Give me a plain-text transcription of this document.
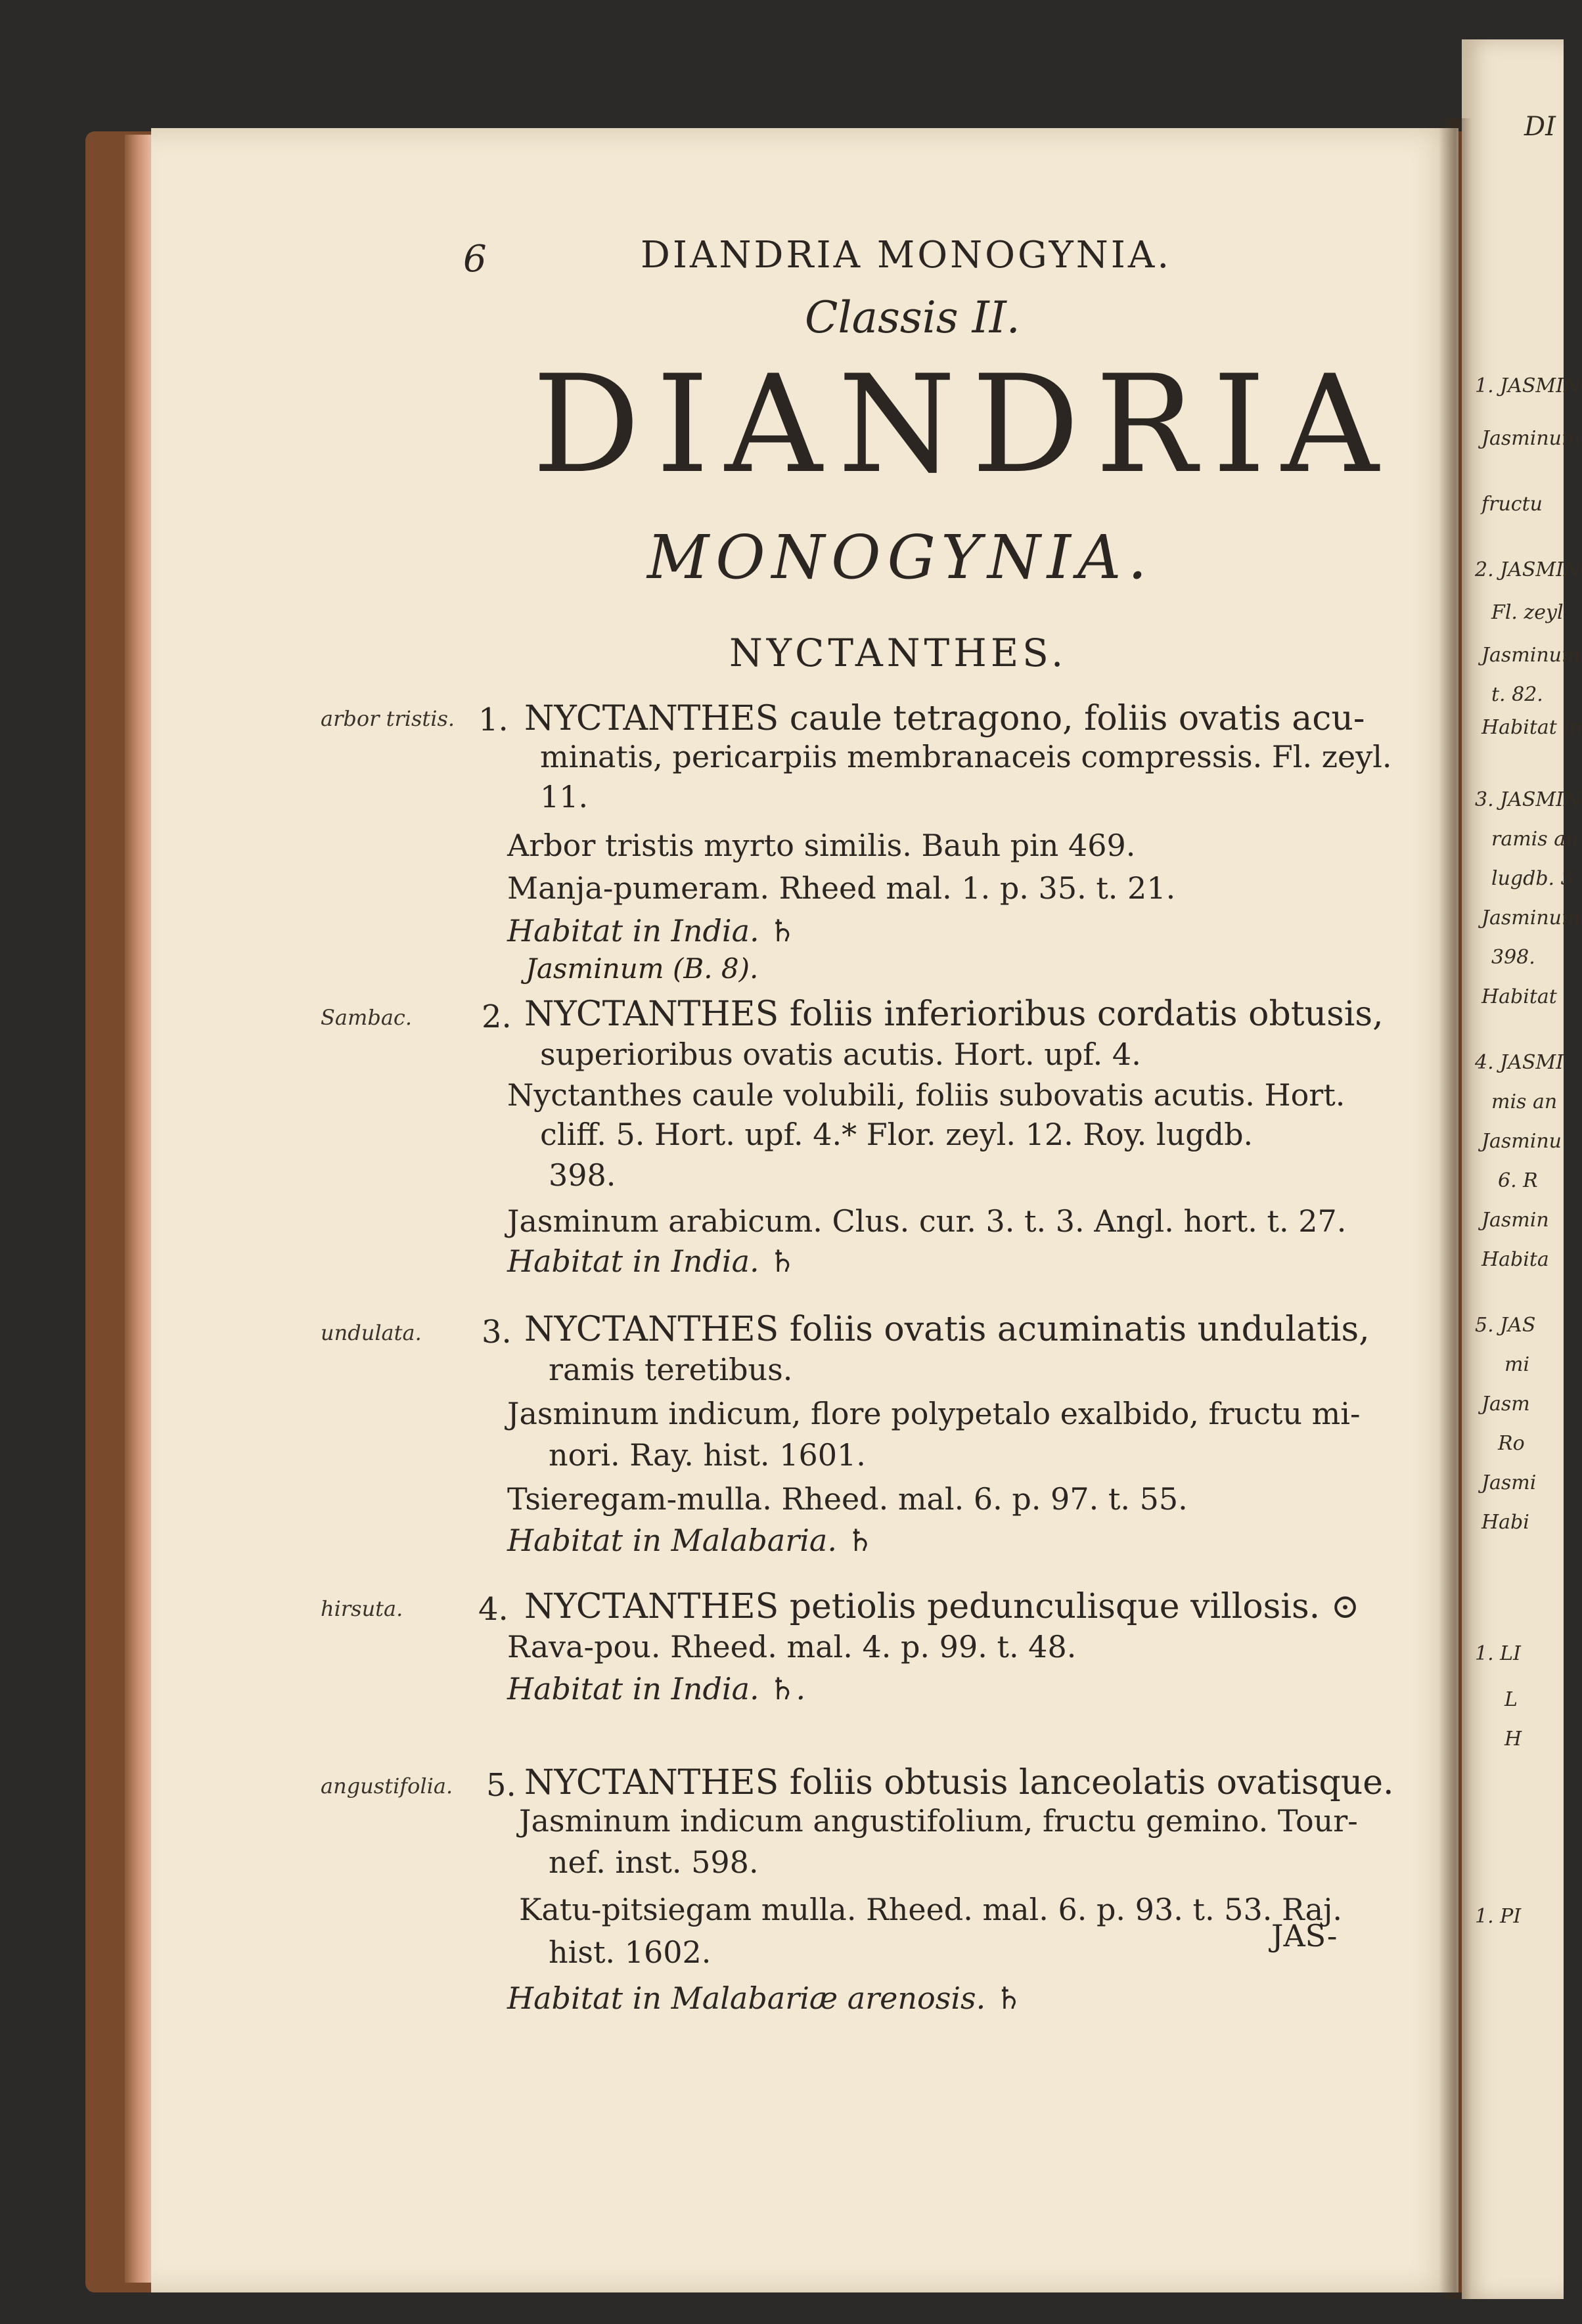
DI
1. JASMIN
Jasminum
fructu
2. JASMIN
Fl. zeyl.
Jasminum
t. 82.
Habitat in
3. JASMIN
ramis an
lugdb. 3
Jasminum
398.
Habitat
4. JASMI
mis an
Jasminu
6. R
Jasmin
Habita
5. JAS
mi
Jasm
Ro
Jasmi
Habi
1. LI
L
H
1. PI
6	DIANDRIA MONOGYNIA.
Classis II.
DIANDRIA
MONOGYNIA.
NYCTANTHES.
arbor tristis. 1. NYCTANTHES caule tetragono, foliis ovatis acu-
minatis, pericarpiis membranaceis compressis. Fl. zeyl.
11.
Arbor tristis myrto similis. Bauh pin 469.
Manja-pumeram. Rheed mal. 1. p. 35. t. 21.
Habitat in India. ♄
Jasminum (B. 8).
Sambac. 2. NYCTANTHES foliis inferioribus cordatis obtusis,
superioribus ovatis acutis. Hort. upf. 4.
Nyctanthes caule volubili, foliis subovatis acutis. Hort.
cliff. 5. Hort. upf. 4.* Flor. zeyl. 12. Roy. lugdb.
398.
Jasminum arabicum. Clus. cur. 3. t. 3. Angl. hort. t. 27.
Habitat in India. ♄
undulata. 3. NYCTANTHES foliis ovatis acuminatis undulatis,
ramis teretibus.
Jasminum indicum, flore polypetalo exalbido, fructu mi-
nori. Ray. hist. 1601.
Tsieregam-mulla. Rheed. mal. 6. p. 97. t. 55.
Habitat in Malabaria. ♄
hirsuta. 4. NYCTANTHES petiolis pedunculisque villosis. ⊙
Rava-pou. Rheed. mal. 4. p. 99. t. 48.
Habitat in India. ♄.
angustifolia. 5. NYCTANTHES foliis obtusis lanceolatis ovatisque.
Jasminum indicum angustifolium, fructu gemino. Tour-
nef. inst. 598.
Katu-pitsiegam mulla. Rheed. mal. 6. p. 93. t. 53. Raj.
hist. 1602.
Habitat in Malabariæ arenosis. ♄
JAS-
